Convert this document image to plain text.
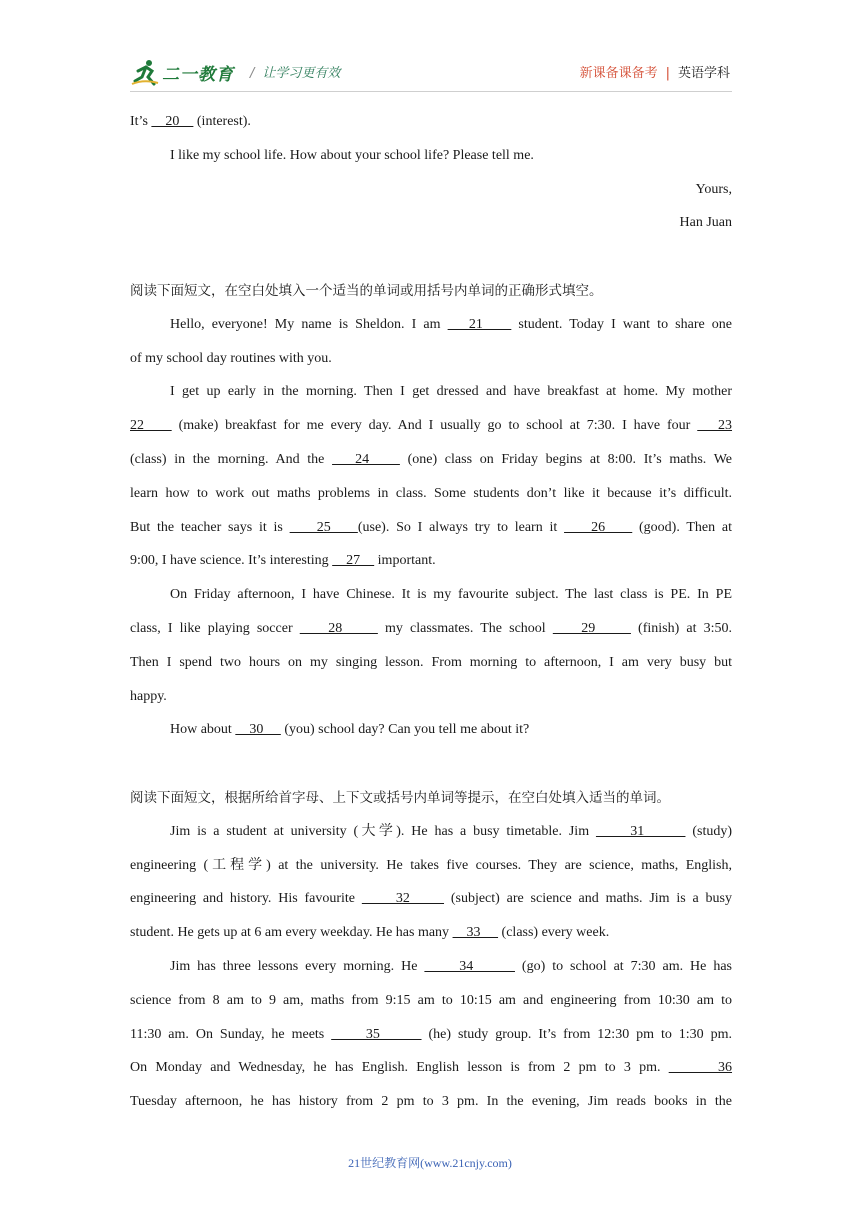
二一教育 / 让学习更有效	新课备课备考 | 英语学科
It’s     20     (interest).
I like my school life. How about your school life? Please tell me.
Yours,
Han Juan
阅读下面短文，在空白处填入一个适当的单词或用括号内单词的正确形式填空。
Hello, everyone! My name is Sheldon. I am    21     student. Today I want to share one
of my school day routines with you.
I get up early in the morning. Then I get dressed and have breakfast at home. My mother
22     (make) breakfast for me every day. And I usually go to school at 7:30. I have four    23
(class) in the morning. And the    24     (one) class on Friday begins at 8:00. It’s maths. We
learn how to work out maths problems in class. Some students don’t like it because it’s difficult.
But the teacher says it is     25    (use). So I always try to learn it     26     (good). Then at
9:00, I have science. It’s interesting     27     important.
On Friday afternoon, I have Chinese. It is my favourite subject. The last class is PE. In PE
class, I like playing soccer     28      my classmates. The school     29      (finish) at 3:50.
Then I spend two hours on my singing lesson. From morning to afternoon, I am very busy but
happy.
How about     30      (you) school day? Can you tell me about it?
阅读下面短文，根据所给首字母、上下文或括号内单词等提示，在空白处填入适当的单词。
Jim is a student at university (大学). He has a busy timetable. Jim      31       (study)
engineering (工程学) at the university. He takes five courses. They are science, maths, English,
engineering and history. His favourite      32      (subject) are science and maths. Jim is a busy
student. He gets up at 6 am every weekday. He has many     33      (class) every week.
Jim has three lessons every morning. He      34       (go) to school at 7:30 am. He has
science from 8 am to 9 am, maths from 9:15 am to 10:15 am and engineering from 10:30 am to
11:30 am. On Sunday, he meets      35       (he) study group. It’s from 12:30 pm to 1:30 pm.
On Monday and Wednesday, he has English. English lesson is from 2 pm to 3 pm.       36
Tuesday afternoon, he has history from 2 pm to 3 pm. In the evening, Jim reads books in the
21世纪教育网(www.21cnjy.com)
